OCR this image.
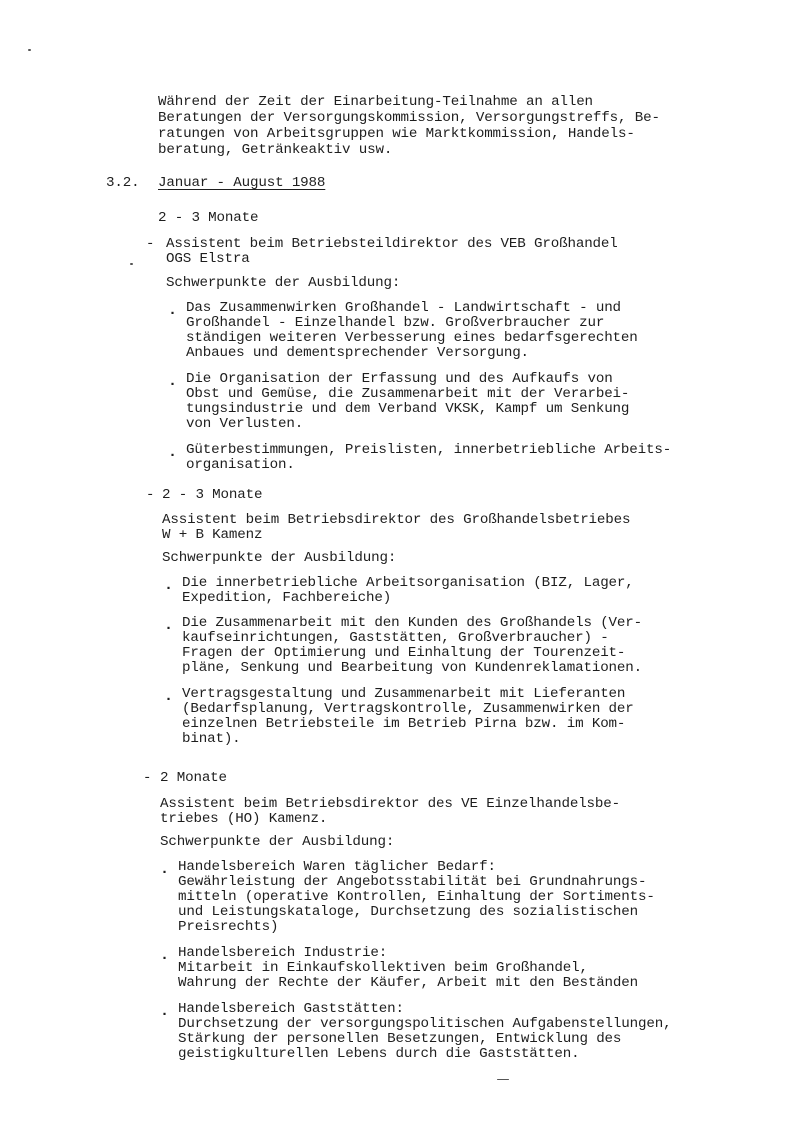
Während der Zeit der Einarbeitung-Teilnahme an allen
Beratungen der Versorgungskommission, Versorgungstreffs, Be-
ratungen von Arbeitsgruppen wie Marktkommission, Handels-
beratung, Getränkeaktiv usw.
3.2. Januar - August 1988
2 - 3 Monate
- Assistent beim Betriebsteildirektor des VEB Großhandel
OGS Elstra
Schwerpunkte der Ausbildung:
. Das Zusammenwirken Großhandel - Landwirtschaft - und
Großhandel - Einzelhandel bzw. Großverbraucher zur
ständigen weiteren Verbesserung eines bedarfsgerechten
Anbaues und dementsprechender Versorgung.
. Die Organisation der Erfassung und des Aufkaufs von
Obst und Gemüse, die Zusammenarbeit mit der Verarbei-
tungsindustrie und dem Verband VKSK, Kampf um Senkung
von Verlusten.
. Güterbestimmungen, Preislisten, innerbetriebliche Arbeits-
organisation.
- 2 - 3 Monate
Assistent beim Betriebsdirektor des Großhandelsbetriebes
W + B Kamenz
Schwerpunkte der Ausbildung:
. Die innerbetriebliche Arbeitsorganisation (BIZ, Lager,
Expedition, Fachbereiche)
. Die Zusammenarbeit mit den Kunden des Großhandels (Ver-
kaufseinrichtungen, Gaststätten, Großverbraucher) -
Fragen der Optimierung und Einhaltung der Tourenzeit-
pläne, Senkung und Bearbeitung von Kundenreklamationen.
. Vertragsgestaltung und Zusammenarbeit mit Lieferanten
(Bedarfsplanung, Vertragskontrolle, Zusammenwirken der
einzelnen Betriebsteile im Betrieb Pirna bzw. im Kom-
binat).
- 2 Monate
Assistent beim Betriebsdirektor des VE Einzelhandelsbe-
triebes (HO) Kamenz.
Schwerpunkte der Ausbildung:
. Handelsbereich Waren täglicher Bedarf:
Gewährleistung der Angebotsstabilität bei Grundnahrungs-
mitteln (operative Kontrollen, Einhaltung der Sortiments-
und Leistungskataloge, Durchsetzung des sozialistischen
Preisrechts)
. Handelsbereich Industrie:
Mitarbeit in Einkaufskollektiven beim Großhandel,
Wahrung der Rechte der Käufer, Arbeit mit den Beständen
. Handelsbereich Gaststätten:
Durchsetzung der versorgungspolitischen Aufgabenstellungen,
Stärkung der personellen Besetzungen, Entwicklung des
geistigkulturellen Lebens durch die Gaststätten.
